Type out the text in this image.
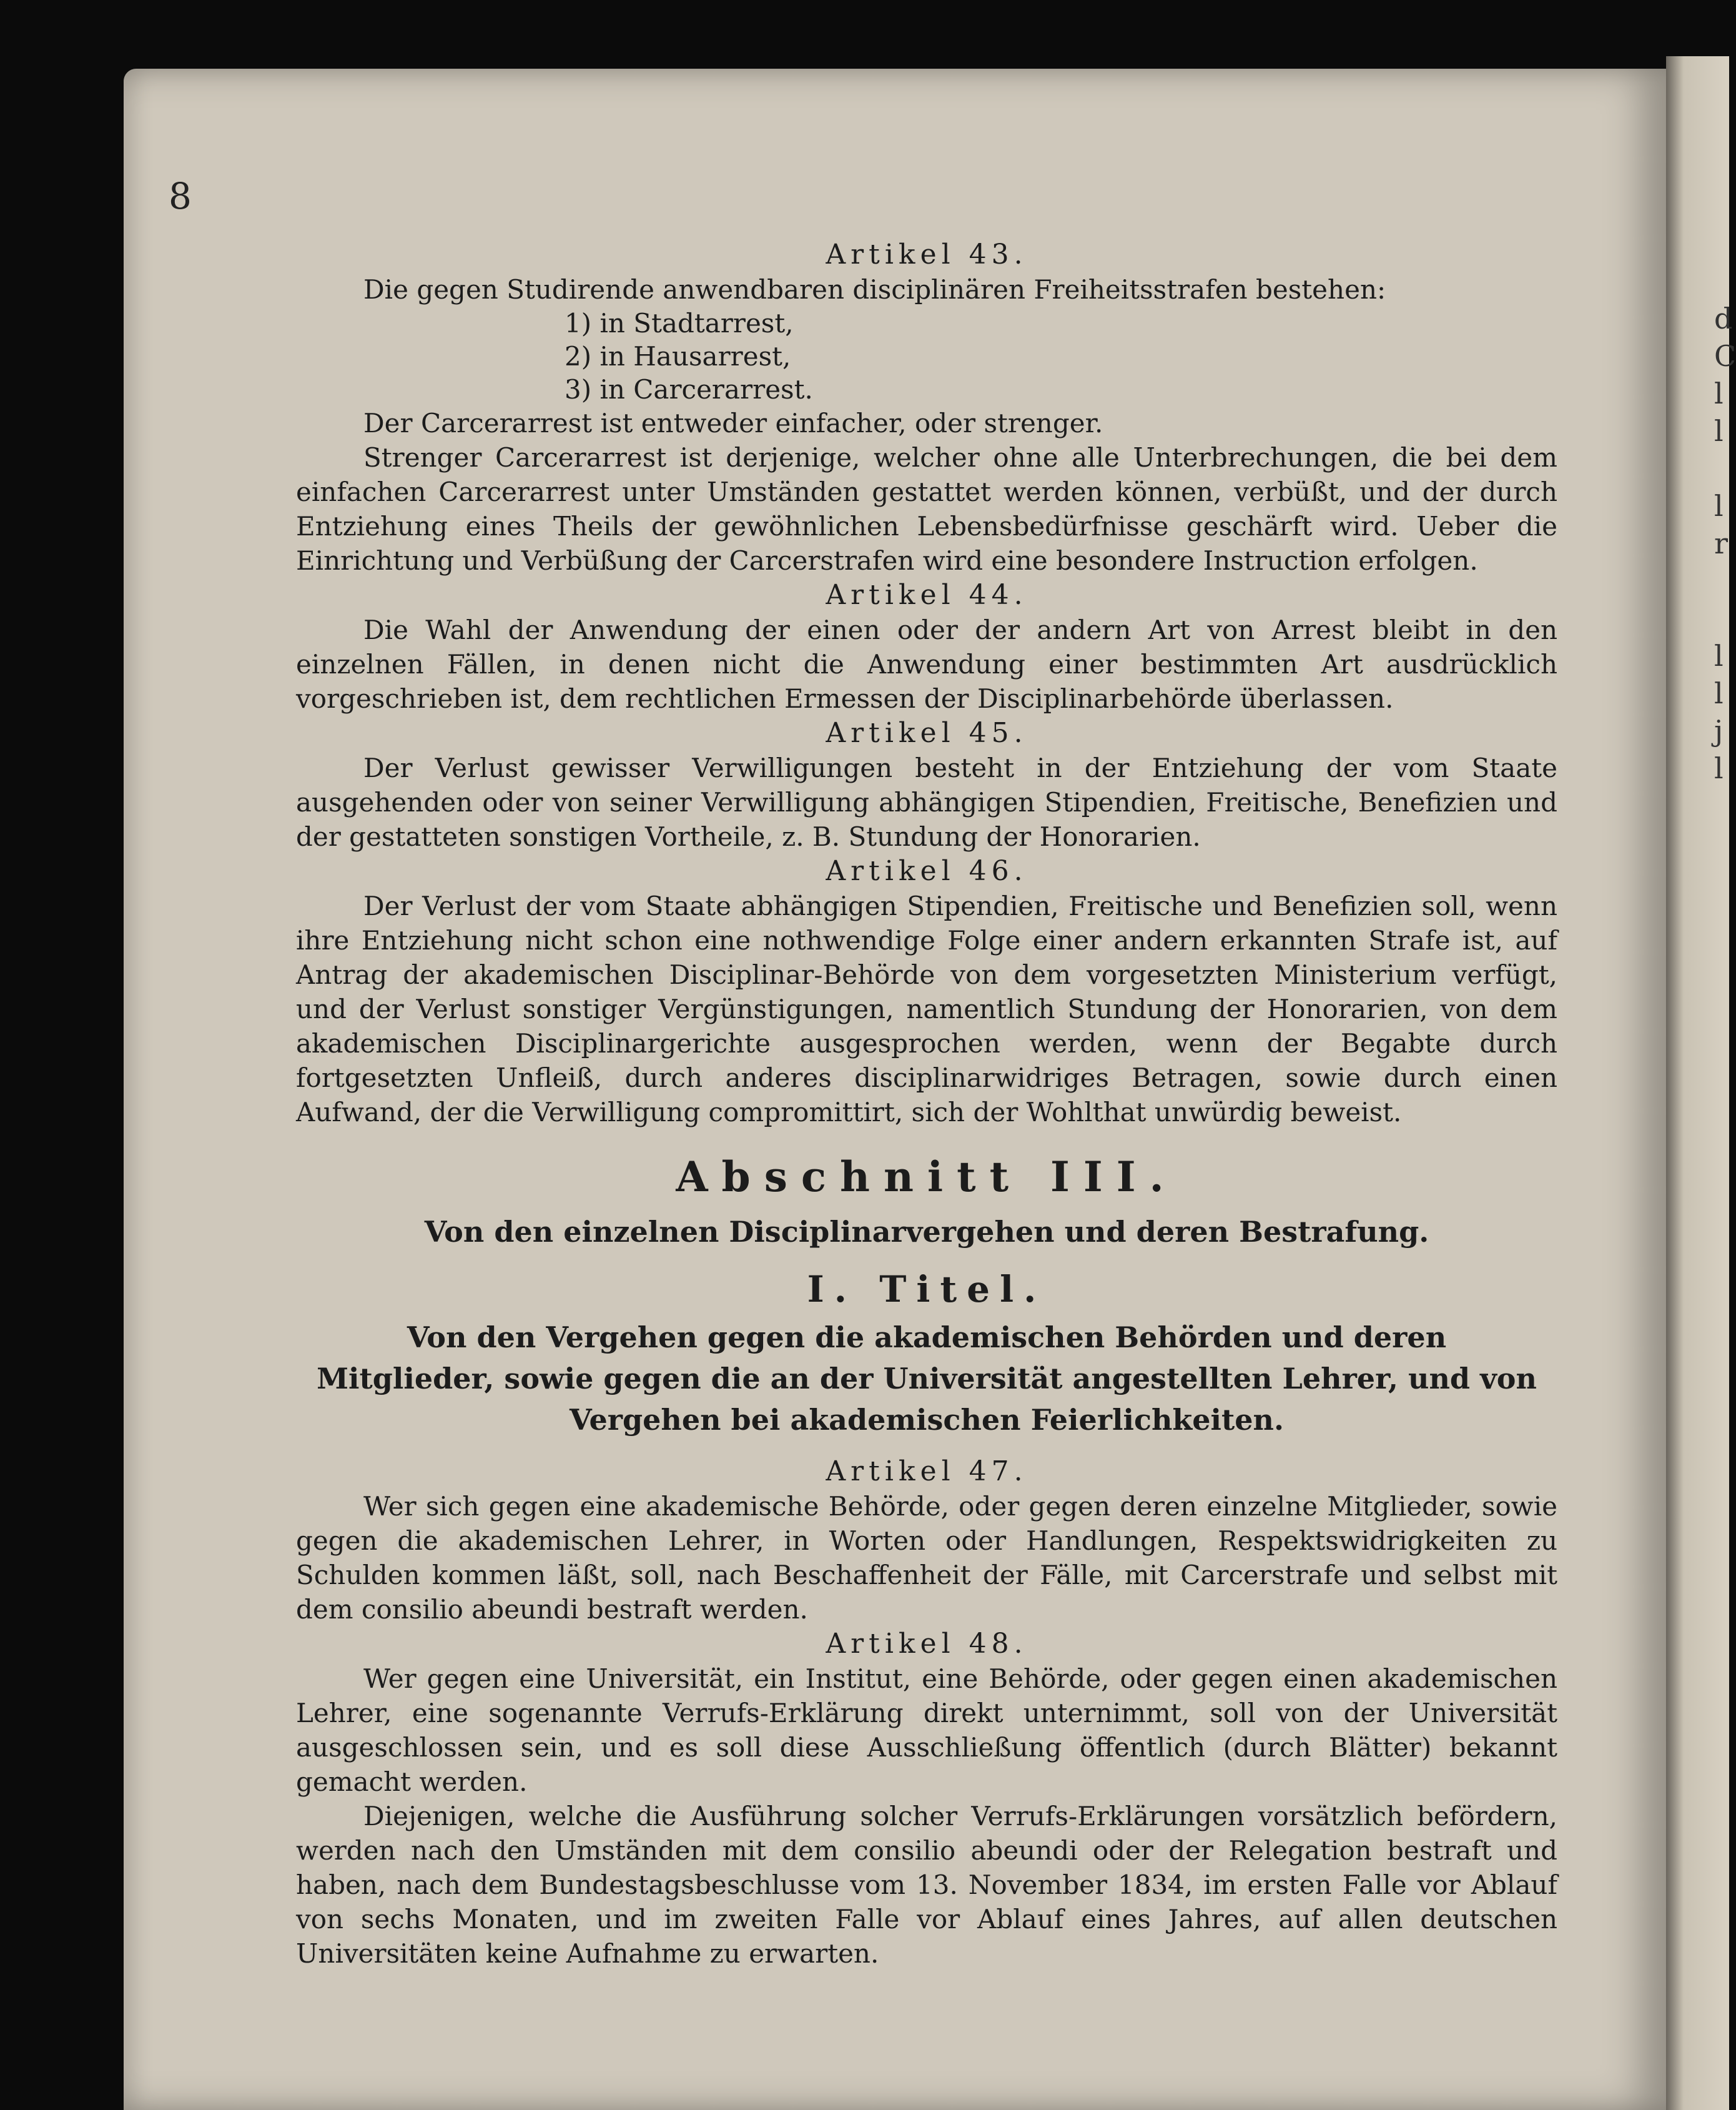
d
C
l
l
l
r
l
l
j
l
8
Artikel 43.

Die gegen Studirende anwendbaren disciplinären Freiheitsstrafen bestehen:

1) in Stadtarrest,
2) in Hausarrest,
3) in Carcerarrest.

Der Carcerarrest ist entweder einfacher, oder strenger.

Strenger Carcerarrest ist derjenige, welcher ohne alle Unterbrechungen, die bei dem einfachen Carcerarrest unter Umständen gestattet werden können, verbüßt, und der durch Entziehung eines Theils der gewöhnlichen Lebensbedürfnisse geschärft wird. Ueber die Einrichtung und Verbüßung der Carcerstrafen wird eine besondere Instruction erfolgen.

Artikel 44.

Die Wahl der Anwendung der einen oder der andern Art von Arrest bleibt in den einzelnen Fällen, in denen nicht die Anwendung einer bestimmten Art ausdrücklich vorgeschrieben ist, dem rechtlichen Ermessen der Disciplinarbehörde überlassen.

Artikel 45.

Der Verlust gewisser Verwilligungen besteht in der Entziehung der vom Staate ausgehenden oder von seiner Verwilligung abhängigen Stipendien, Freitische, Benefizien und der gestatteten sonstigen Vortheile, z. B. Stundung der Honorarien.

Artikel 46.

Der Verlust der vom Staate abhängigen Stipendien, Freitische und Benefizien soll, wenn ihre Entziehung nicht schon eine nothwendige Folge einer andern erkannten Strafe ist, auf Antrag der akademischen Disciplinar-Behörde von dem vorgesetzten Ministerium verfügt, und der Verlust sonstiger Vergünstigungen, namentlich Stundung der Honorarien, von dem akademischen Disciplinargerichte ausgesprochen werden, wenn der Begabte durch fortgesetzten Unfleiß, durch anderes disciplinarwidriges Betragen, sowie durch einen Aufwand, der die Verwilligung compromittirt, sich der Wohlthat unwürdig beweist.

Abschnitt III.
Von den einzelnen Disciplinarvergehen und deren Bestrafung.
I. Titel.
Von den Vergehen gegen die akademischen Behörden und deren Mitglieder, sowie gegen die an der Universität angestellten Lehrer, und von Vergehen bei akademischen Feierlichkeiten.
Artikel 47.

Wer sich gegen eine akademische Behörde, oder gegen deren einzelne Mitglieder, sowie gegen die akademischen Lehrer, in Worten oder Handlungen, Respektswidrigkeiten zu Schulden kommen läßt, soll, nach Beschaffenheit der Fälle, mit Carcerstrafe und selbst mit dem consilio abeundi bestraft werden.

Artikel 48.

Wer gegen eine Universität, ein Institut, eine Behörde, oder gegen einen akademischen Lehrer, eine sogenannte Verrufs-Erklärung direkt unternimmt, soll von der Universität ausgeschlossen sein, und es soll diese Ausschließung öffentlich (durch Blätter) bekannt gemacht werden.

Diejenigen, welche die Ausführung solcher Verrufs-Erklärungen vorsätzlich befördern, werden nach den Umständen mit dem consilio abeundi oder der Relegation bestraft und haben, nach dem Bundestagsbeschlusse vom 13. November 1834, im ersten Falle vor Ablauf von sechs Monaten, und im zweiten Falle vor Ablauf eines Jahres, auf allen deutschen Universitäten keine Aufnahme zu erwarten.
